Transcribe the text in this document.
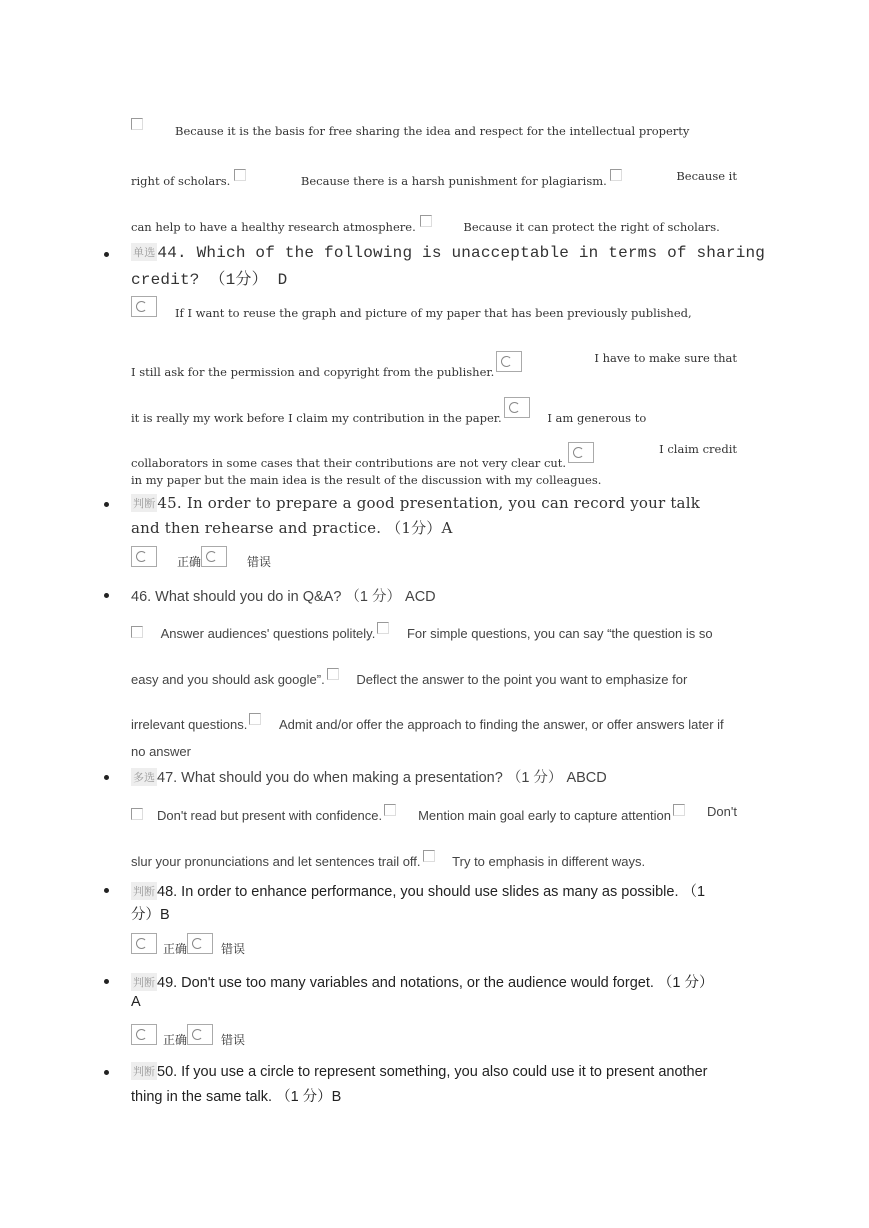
Because it is the basis for free sharing the idea and respect for the intellectual property
right of scholars.	Because there is a harsh punishment for plagiarism.	Because it
can help to have a healthy research atmosphere.	Because it can protect the right of scholars.
单选 44. Which of the following is unacceptable in terms of sharing
credit? （1分） D
If I want to reuse the graph and picture of my paper that has been previously published,
I still ask for the permission and copyright from the publisher.
I have to make sure that
it is really my work before I claim my contribution in the paper.	I am generous to
collaborators in some cases that their contributions are not very clear cut.
I claim credit
in my paper but the main idea is the result of the discussion with my colleagues.
判断 45. In order to prepare a good presentation, you can record your talk
and then rehearse and practice. （1分）A
$_{正确}$	$_{错误}$
46. What should you do in Q&A? （1 分） ACD
Answer audiences' questions politely. For simple questions, you can say “the question is so
easy and you should ask google”. Deflect the answer to the point you want to emphasize for
irrelevant questions. Admit and/or offer the approach to finding the answer, or offer answers later if
no answer
多选 47. What should you do when making a presentation? （1 分） ABCD
Don't read but present with confidence.	Mention main goal early to capture attention	Don't
slur your pronunciations and let sentences trail off. Try to emphasis in different ways.
判断 48. In order to enhance performance, you should use slides as many as possible. （1
分）B
$_{正确}$	$_{错误}$
判断 49. Don't use too many variables and notations, or the audience would forget. （1 分）
A
$_{正确}$	$_{错误}$
判断 50. If you use a circle to represent something, you also could use it to present another
thing in the same talk. （1 分）B
